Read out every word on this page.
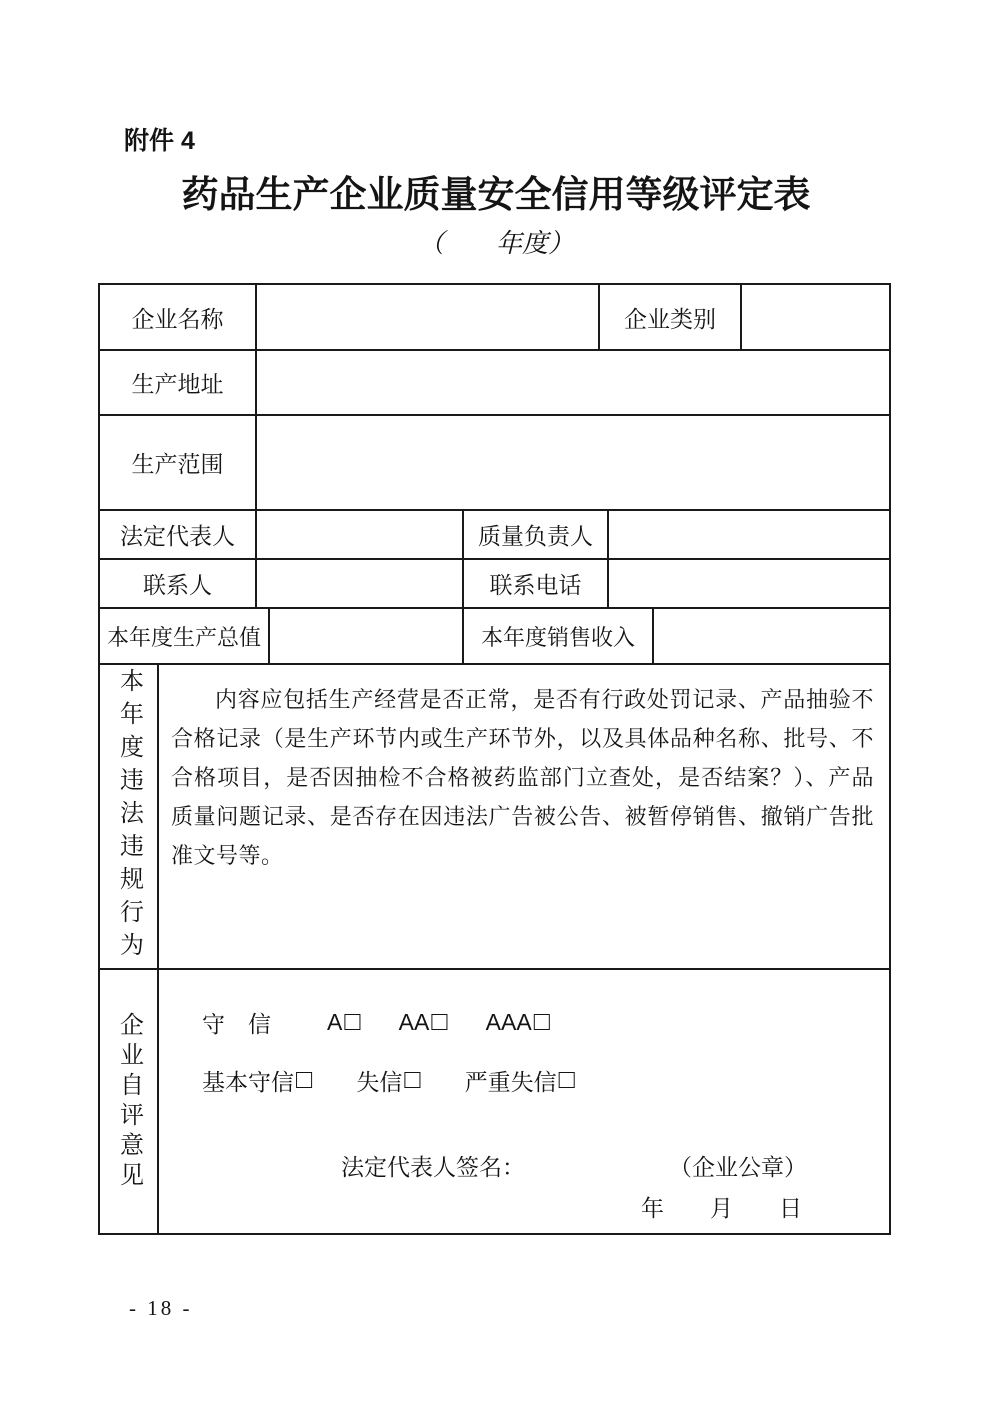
附件 4
药品生产企业质量安全信用等级评定表
（　　年度）
企业名称	企业类别
生产地址
生产范围
法定代表人	质量负责人
联系人	联系电话
本年度生产总值	本年度销售收入
本年度违法违规行为	内容应包括生产经营是否正常，是否有行政处罚记录、产品抽验不合格记录（是生产环节内或生产环节外，以及具体品种名称、批号、不合格项目，是否因抽检不合格被药监部门立查处，是否结案？）、产品质量问题记录、是否存在因违法广告被公告、被暂停销售、撤销广告批准文号等。
企业自评意见	守　信 A □ AA □ AAA □
基本守信 □ 失信 □ 严重失信 □
法定代表人签名：	（企业公章）
年　　月　　日
- 18 -
